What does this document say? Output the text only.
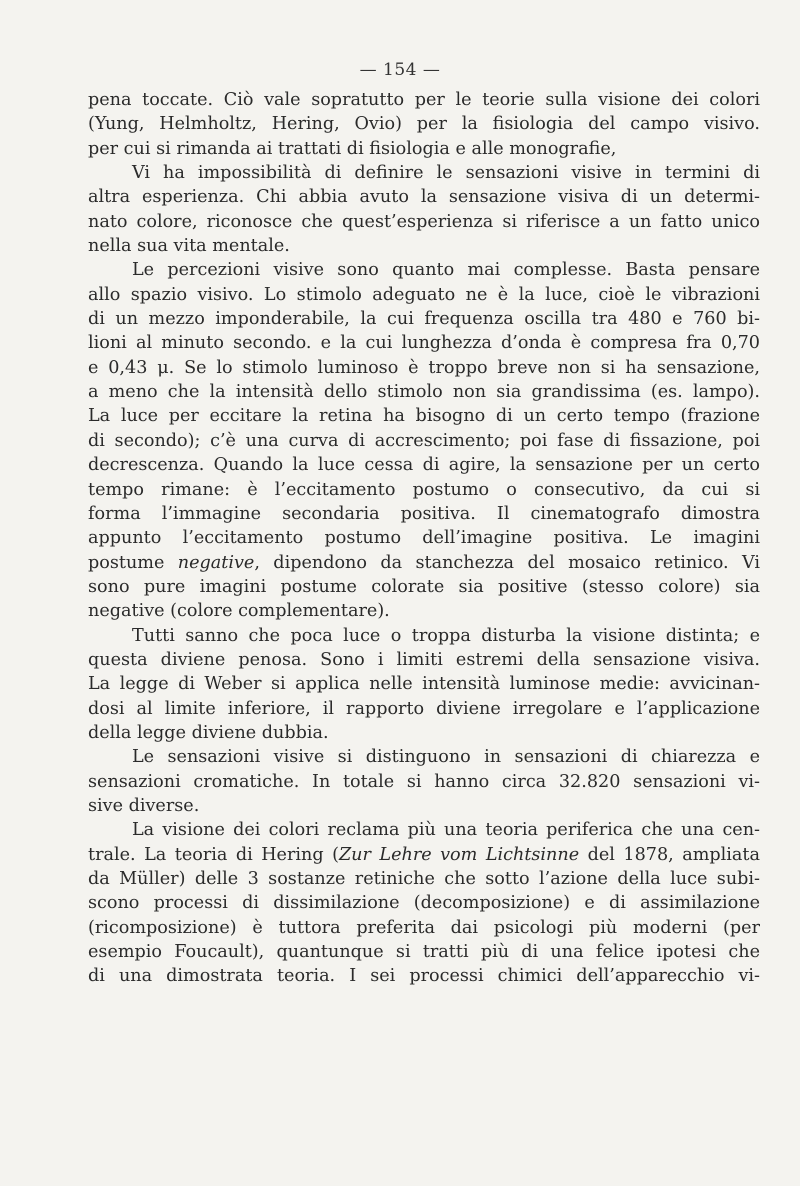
— 154 —
pena toccate. Ciò vale sopratutto per le teorie sulla visione dei colori
(Yung, Helmholtz, Hering, Ovio) per la fisiologia del campo visivo.
per cui si rimanda ai trattati di fisiologia e alle monografie,
Vi ha impossibilità di definire le sensazioni visive in termini di
altra esperienza. Chi abbia avuto la sensazione visiva di un determi-
nato colore, riconosce che quest’esperienza si riferisce a un fatto unico
nella sua vita mentale.
Le percezioni visive sono quanto mai complesse. Basta pensare
allo spazio visivo. Lo stimolo adeguato ne è la luce, cioè le vibrazioni
di un mezzo imponderabile, la cui frequenza oscilla tra 480 e 760 bi-
lioni al minuto secondo. e la cui lunghezza d’onda è compresa fra 0,70
e 0,43 μ. Se lo stimolo luminoso è troppo breve non si ha sensazione,
a meno che la intensità dello stimolo non sia grandissima (es. lampo).
La luce per eccitare la retina ha bisogno di un certo tempo (frazione
di secondo); c’è una curva di accrescimento; poi fase di fissazione, poi
decrescenza. Quando la luce cessa di agire, la sensazione per un certo
tempo rimane: è l’eccitamento postumo o consecutivo, da cui si
forma l’immagine secondaria positiva. Il cinematografo dimostra
appunto l’eccitamento postumo dell’imagine positiva. Le imagini
postume negative, dipendono da stanchezza del mosaico retinico. Vi
sono pure imagini postume colorate sia positive (stesso colore) sia
negative (colore complementare).
Tutti sanno che poca luce o troppa disturba la visione distinta; e
questa diviene penosa. Sono i limiti estremi della sensazione visiva.
La legge di Weber si applica nelle intensità luminose medie: avvicinan-
dosi al limite inferiore, il rapporto diviene irregolare e l’applicazione
della legge diviene dubbia.
Le sensazioni visive si distinguono in sensazioni di chiarezza e
sensazioni cromatiche. In totale si hanno circa 32.820 sensazioni vi-
sive diverse.
La visione dei colori reclama più una teoria periferica che una cen-
trale. La teoria di Hering (Zur Lehre vom Lichtsinne del 1878, ampliata
da Müller) delle 3 sostanze retiniche che sotto l’azione della luce subi-
scono processi di dissimilazione (decomposizione) e di assimilazione
(ricomposizione) è tuttora preferita dai psicologi più moderni (per
esempio Foucault), quantunque si tratti più di una felice ipotesi che
di una dimostrata teoria. I sei processi chimici dell’apparecchio vi-
